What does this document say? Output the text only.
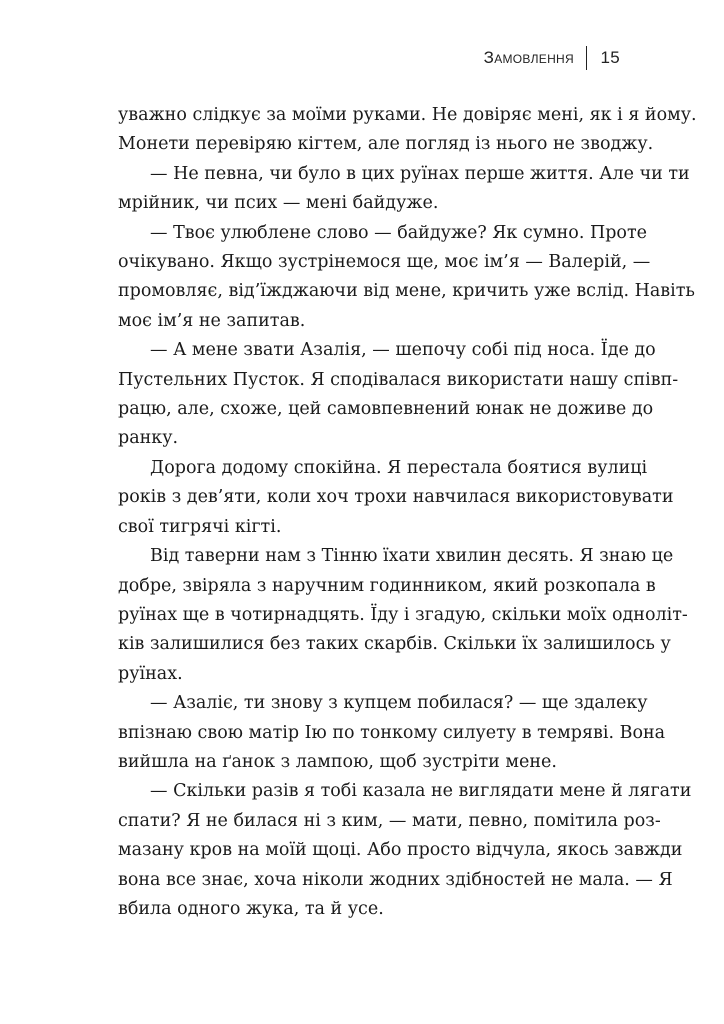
Замовлення 15
уважно слідкує за моїми руками. Не довіряє мені, як і я йому.
Монети перевіряю кігтем, але погляд із нього не зводжу.
— Не певна, чи було в цих руїнах перше життя. Але чи ти
мрійник, чи псих — мені байдуже.
— Твоє улюблене слово — байдуже? Як сумно. Проте
очікувано. Якщо зустрінемося ще, моє ім’я — Валерій, —
промовляє, від’їжджаючи від мене, кричить уже вслід. Навіть
моє ім’я не запитав.
— А мене звати Азалія, — шепочу собі під носа. Їде до
Пустельних Пусток. Я сподівалася використати нашу співп-
рацю, але, схоже, цей самовпевнений юнак не доживе до
ранку.
Дорога додому спокійна. Я перестала боятися вулиці
років з дев’яти, коли хоч трохи навчилася використовувати
свої тигрячі кігті.
Від таверни нам з Тінню їхати хвилин десять. Я знаю це
добре, звіряла з наручним годинником, який розкопала в
руїнах ще в чотирнадцять. Їду і згадую, скільки моїх одноліт-
ків залишилися без таких скарбів. Скільки їх залишилось у
руїнах.
— Азаліє, ти знову з купцем побилася? — ще здалеку
впізнаю свою матір Ію по тонкому силуету в темряві. Вона
вийшла на ґанок з лампою, щоб зустріти мене.
— Скільки разів я тобі казала не виглядати мене й лягати
спати? Я не билася ні з ким, — мати, певно, помітила роз-
мазану кров на моїй щоці. Або просто відчула, якось завжди
вона все знає, хоча ніколи жодних здібностей не мала. — Я
вбила одного жука, та й усе.
